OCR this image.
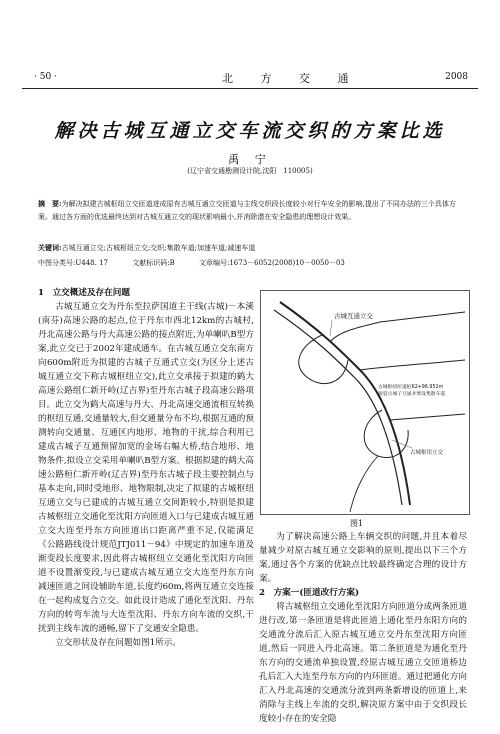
· 50 ·	北 方 交 通	2008
解决古城互通立交车流交织的方案比选
禹 宁
(辽宁省交通勘测设计院,沈阳　110005)
摘　要:为解决拟建古城枢纽立交匝道进成原有古城互通立交匝道与主线交织段长度较小对行车安全的影响,提出了不同办法的三个具体方案。通过各方面的优选最终达到对古城互通立交的现状影响最小,并消除潜在安全隐患的理想设计效果。
关键词:古城互通立交;古城枢纽立交;交织;集散车道;加速车道;减速车道
中图分类号:U448. 17	文献标识码:B	文章编号:1673－6052(2008)10－0050－03
1　立交概述及存在问题

古城互通立交为丹东至拉萨国道主干线(古城)－本溪(南芬)高速公路的起点,位于丹东市西北12km的古城村,丹北高速公路与丹大高速公路的接点附近,为单喇叭B型方案,此立交已于2002年建成通车。在古城互通立交东南方向600m附近为拟建的古城子互通式立交(为区分上述古城互通立交下称古城枢纽立交),此立交承接于拟建的鹤大高速公路组仁新开岭(辽吉界)至丹东古城子段高速公路项目。此立交为鹤大高速与丹大、丹北高速交通流相互转换的枢纽互通,交通量较大,但交通量分布不均,根据互通的预测转向交通量、互通区内地形、地物的干扰,综合利用已建成古城子互通预留加宽的金场右幅大桥,结合地形、地物条件,拟设立交采用单喇叭B型方案。根据拟建的鹤大高速公路桓仁新开岭(辽吉界)至丹东古城子段主要控制点与基本走向,同时受地形、地物限制,决定了拟建的古城枢纽互通立交与已建成的古城互通立交间距较小,特别是拟建古城枢纽立交通化至沈阳方向匝道入口与已建成古城互通立交大连至丹东方向匝道出口距离严重不足,仅能满足《公路路线设计规范JTJ011－94》中规定的加速车道及渐变段长度要求,因此将古城枢纽立交通化至沈阳方向匝道不设置渐变段,与已建成古城互通立交大连至丹东方向减速匝道之间设辅助车道,长度约60m,将两互通立交连接在一起构成复合立交。如此设计造成了通化至沈阳、丹东方向的转弯车流与大连至沈阳、丹东方向车流的交织,干扰到主线车流的通畅,留下了交通安全隐患。

立交形状及存在问题如图1所示。

古城互通立交
古城枢纽匝道桩K2+96.952m
接驳古城子互通并增设集散车道
古城枢纽立交
图1

为了解决高速公路上车辆交织的问题,并且本着尽量减少对原古城互通立交影响的原则,提出以下三个方案,通过各个方案的优缺点比较最终确定合理的设计方案。

2　方案一(匝道改行方案)

将古城枢纽立交通化至沈阳方向匝道分成两条匝道进行改,第一条匝道是将此匝道上通化至丹东阳方向的交通流分流后汇入原古城互通立交丹东至沈阳方向匝道,然后一同进入丹北高速。第二条匝道是为通化至丹东方向的交通流单独设置,经原古城互通立交匝道桥边孔后汇入大连至丹东方向的内环匝道。通过把通化方向汇入丹北高速的交通流分流到两条新增设的匝道上,来消除与主线上车流的交织,解决原方案中由于交织段长度较小存在的安全隐
